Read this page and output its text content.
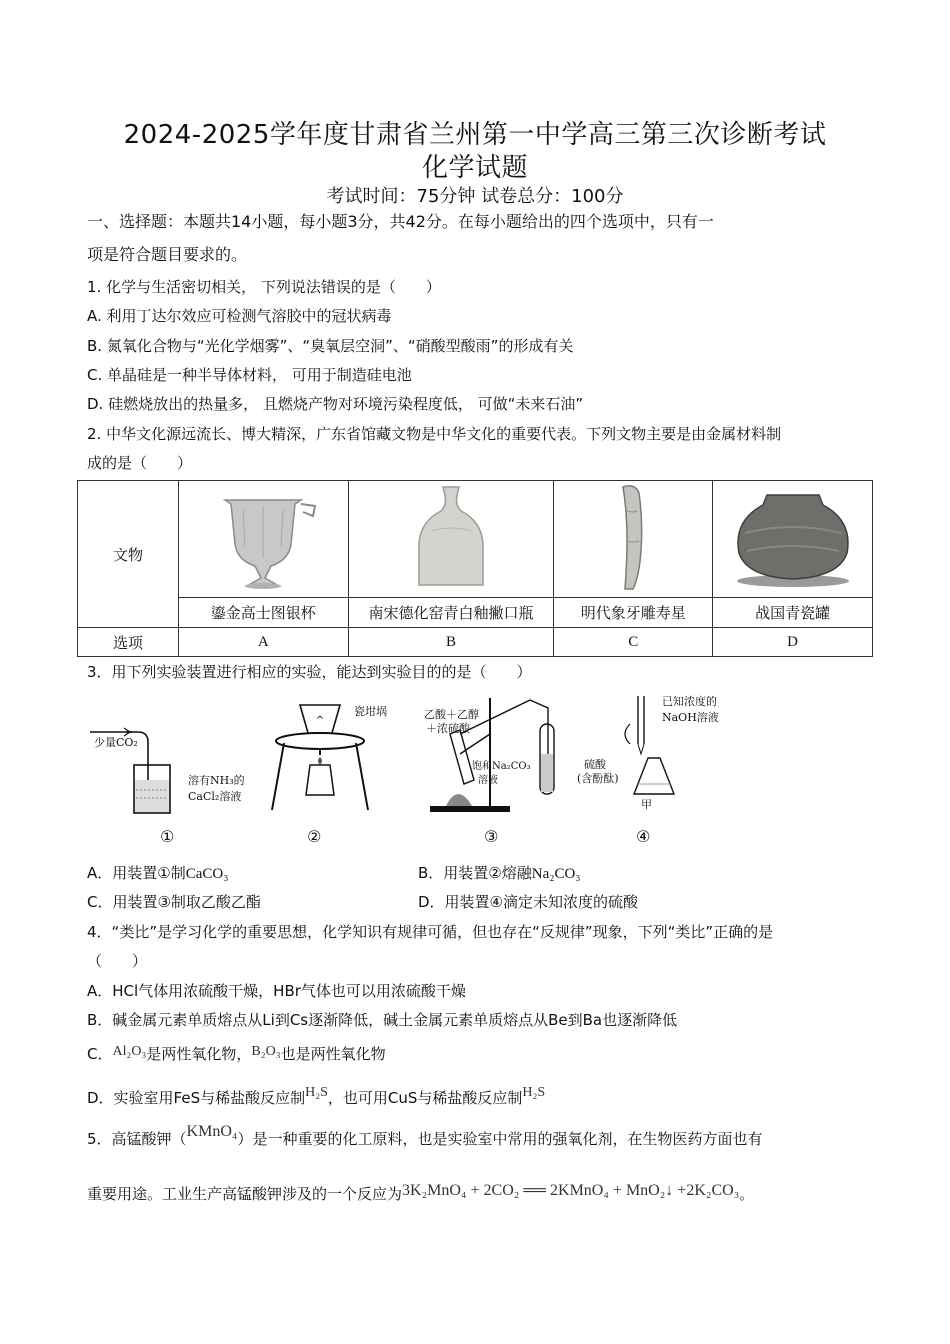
2024-2025学年度甘肃省兰州第一中学高三第三次诊断考试
化学试题
考试时间：75分钟 试卷总分：100分
一、选择题：本题共14小题，每小题3分，共42分。在每小题给出的四个选项中，只有一
项是符合题目要求的。
1. 化学与生活密切相关， 下列说法错误的是（　　）
A. 利用丁达尔效应可检测气溶胶中的冠状病毒
B. 氮氧化合物与“光化学烟雾”、“臭氧层空洞”、“硝酸型酸雨”的形成有关
C. 单晶硅是一种半导体材料， 可用于制造硅电池
D. 硅燃烧放出的热量多， 且燃烧产物对环境污染程度低， 可做“未来石油”
2. 中华文化源远流长、博大精深，广东省馆藏文物是中华文化的重要代表。下列文物主要是由金属材料制
成的是（　　）
文物				
	鎏金高士图银杯	南宋德化窑青白釉撇口瓶	明代象牙雕寿星	战国青瓷罐
选项	A	B	C	D
3．用下列实验装置进行相应的实验，能达到实验目的的是（　　）
少量CO₂
溶有NH₃的
CaCl₂溶液
^
瓷坩埚	乙酸＋乙醇
＋浓硫酸
饱和Na₂CO₃
溶液
已知浓度的
NaOH溶液
硫酸
(含酚酞)
甲
①	②	③	④
A．用装置①制CaCO₃	B．用装置②熔融Na₂CO₃
C．用装置③制取乙酸乙酯	D．用装置④滴定未知浓度的硫酸
4．“类比”是学习化学的重要思想，化学知识有规律可循，但也存在“反规律”现象，下列“类比”正确的是
（　　）
A．HCl气体用浓硫酸干燥，HBr气体也可以用浓硫酸干燥
B．碱金属元素单质熔点从Li到Cs逐渐降低，碱土金属元素单质熔点从Be到Ba也逐渐降低
C．Al₂O₃是两性氧化物，B₂O₃也是两性氧化物
D．实验室用FeS与稀盐酸反应制H₂S，也可用CuS与稀盐酸反应制H₂S
5．高锰酸钾（KMnO₄）是一种重要的化工原料，也是实验室中常用的强氧化剂，在生物医药方面也有
重要用途。工业生产高锰酸钾涉及的一个反应为3K₂MnO₄ + 2CO₂ ══ 2KMnO₄ + MnO₂↓ +2K₂CO₃。
